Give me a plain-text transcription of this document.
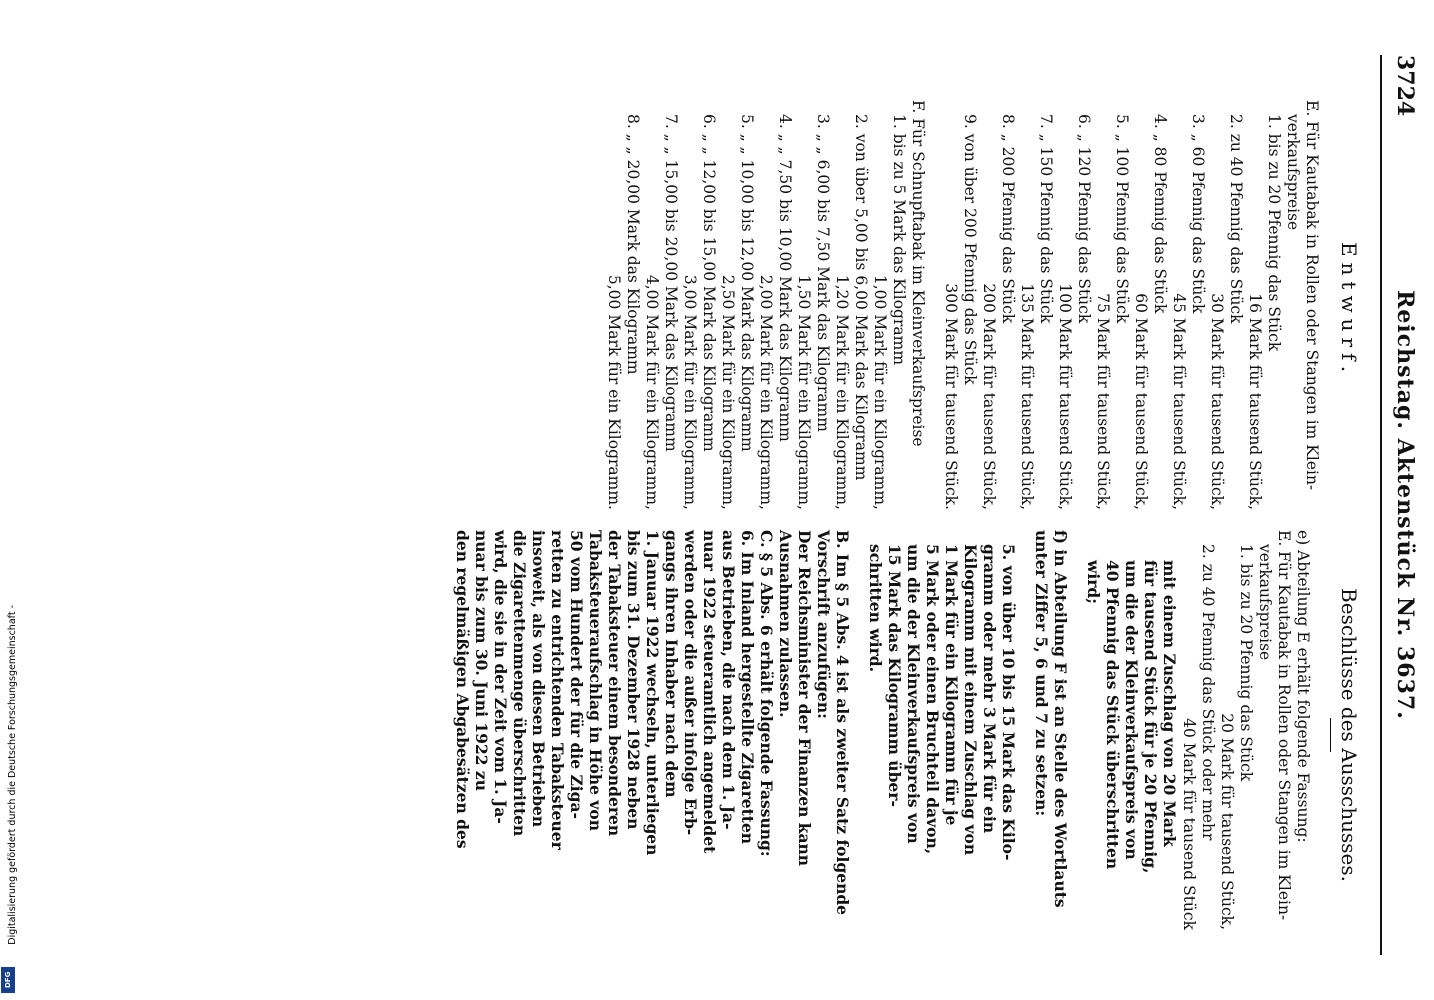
3724
Reichstag. Aktenstück Nr. 3637.
Entwurf.

E. Für Kautabak in Rollen oder Stangen im Klein-

verkaufspreise

1. bis zu 20 Pfennig das Stück

16 Mark für tausend Stück,

2. zu 40 Pfennig das Stück

30 Mark für tausend Stück,

3. „ 60 Pfennig das Stück

45 Mark für tausend Stück,

4. „ 80 Pfennig das Stück

60 Mark für tausend Stück,

5. „ 100 Pfennig das Stück

75 Mark für tausend Stück,

6. „ 120 Pfennig das Stück

100 Mark für tausend Stück,

7. „ 150 Pfennig das Stück

135 Mark für tausend Stück,

8. „ 200 Pfennig das Stück

200 Mark für tausend Stück,

9. von über 200 Pfennig das Stück

300 Mark für tausend Stück.

F. Für Schnupftabak im Kleinverkaufspreise

1. bis zu 5 Mark das Kilogramm

1,00 Mark für ein Kilogramm,

2. von über 5,00 bis 6,00 Mark das Kilogramm

1,20 Mark für ein Kilogramm,

3. „ „ 6,00 bis 7,50 Mark das Kilogramm

1,50 Mark für ein Kilogramm,

4. „ „ 7,50 bis 10,00 Mark das Kilogramm

2,00 Mark für ein Kilogramm,

5. „ „ 10,00 bis 12,00 Mark das Kilogramm

2,50 Mark für ein Kilogramm,

6. „ „ 12,00 bis 15,00 Mark das Kilogramm

3,00 Mark für ein Kilogramm,

7. „ „ 15,00 bis 20,00 Mark das Kilogramm

4,00 Mark für ein Kilogramm,

8. „ „ 20,00 Mark das Kilogramm

5,00 Mark für ein Kilogramm.

Beschlüsse des Ausschusses.

e) Abteilung E erhält folgende Fassung:

E. Für Kautabak in Rollen oder Stangen im Klein-

verkaufspreise

1. bis zu 20 Pfennig das Stück

20 Mark für tausend Stück,

2. zu 40 Pfennig das Stück oder mehr

40 Mark für tausend Stück

mit einem Zuschlag von 20 Mark

für tausend Stück für je 20 Pfennig,

um die der Kleinverkaufspreis von

40 Pfennig das Stück überschritten

wird;

f) in Abteilung F ist an Stelle des Wortlauts

unter Ziffer 5, 6 und 7 zu setzen:

5. von über 10 bis 15 Mark das Kilo-

gramm oder mehr 3 Mark für ein

Kilogramm mit einem Zuschlag von

1 Mark für ein Kilogramm für je

5 Mark oder einen Bruchteil davon,

um die der Kleinverkaufspreis von

15 Mark das Kilogramm über-

schritten wird.

B. Im § 5 Abs. 4 ist als zweiter Satz folgende

Vorschrift anzufügen:

Der Reichsminister der Finanzen kann

Ausnahmen zulassen.

C. § 5 Abs. 6 erhält folgende Fassung:

6. Im Inland hergestellte Zigaretten

aus Betrieben, die nach dem 1. Ja-

nuar 1922 steueramtlich angemeldet

werden oder die außer infolge Erb-

gangs ihren Inhaber nach dem

1. Januar 1922 wechseln, unterliegen

bis zum 31. Dezember 1928 neben

der Tabaksteuer einem besonderen

Tabaksteueraufschlag in Höhe von

50 vom Hundert der für die Ziga-

retten zu entrichtenden Tabaksteuer

insoweit, als von diesen Betrieben

die Zigarettenmenge überschritten

wird, die sie in der Zeit vom 1. Ja-

nuar bis zum 30. Juni 1922 zu

den regelmäßigen Abgabesätzen des

Digitalisierung gefördert durch die Deutsche Forschungsgemeinschaft -
DFG
